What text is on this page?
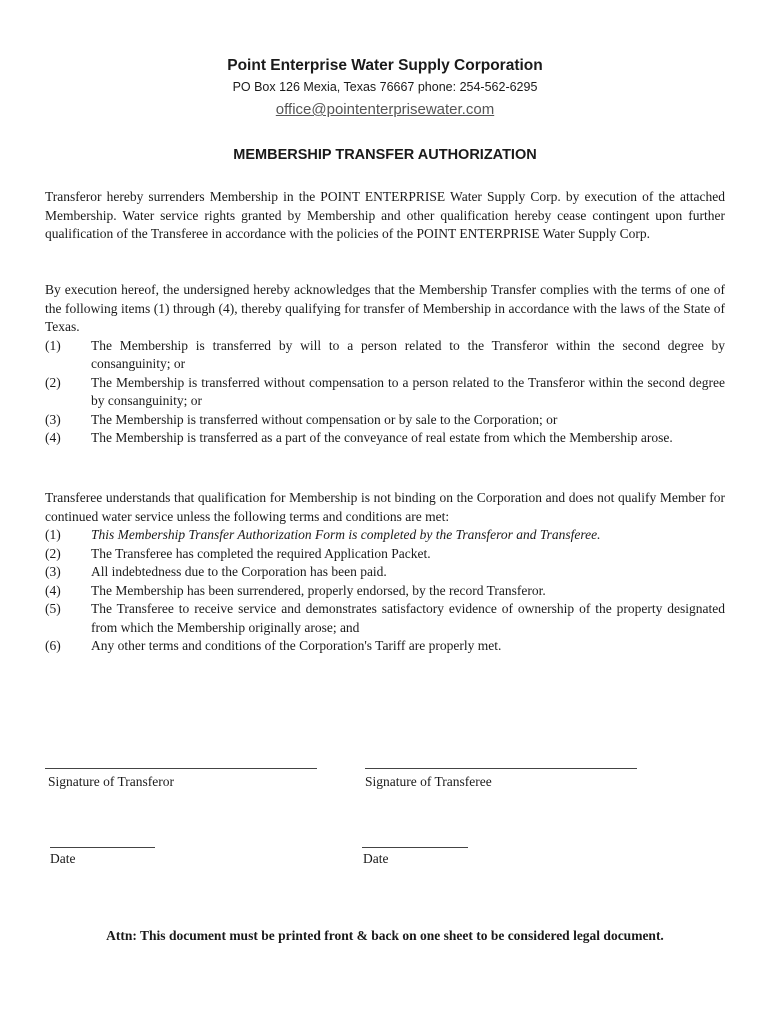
Point Enterprise Water Supply Corporation
PO Box 126 Mexia, Texas 76667 phone: 254-562-6295
office@pointenterprisewater.com
MEMBERSHIP TRANSFER AUTHORIZATION
Transferor hereby surrenders Membership in the POINT ENTERPRISE Water Supply Corp. by execution of the attached Membership. Water service rights granted by Membership and other qualification hereby cease contingent upon further qualification of the Transferee in accordance with the policies of the POINT ENTERPRISE Water Supply Corp.

By execution hereof, the undersigned hereby acknowledges that the Membership Transfer complies with the terms of one of the following items (1) through (4), thereby qualifying for transfer of Membership in accordance with the laws of the State of Texas.

(1)	The Membership is transferred by will to a person related to the Transferor within the second degree by consanguinity; or
(2)	The Membership is transferred without compensation to a person related to the Transferor within the second degree by consanguinity; or
(3)	The Membership is transferred without compensation or by sale to the Corporation; or
(4)	The Membership is transferred as a part of the conveyance of real estate from which the Membership arose.

Transferee understands that qualification for Membership is not binding on the Corporation and does not qualify Member for continued water service unless the following terms and conditions are met:

(1)	This Membership Transfer Authorization Form is completed by the Transferor and Transferee.
(2)	The Transferee has completed the required Application Packet.
(3)	All indebtedness due to the Corporation has been paid.
(4)	The Membership has been surrendered, properly endorsed, by the record Transferor.
(5)	The Transferee to receive service and demonstrates satisfactory evidence of ownership of the property designated from which the Membership originally arose; and
(6)	Any other terms and conditions of the Corporation's Tariff are properly met.
Signature of Transferor	Signature of Transferee
Date	Date
Attn: This document must be printed front & back on one sheet to be considered legal document.
